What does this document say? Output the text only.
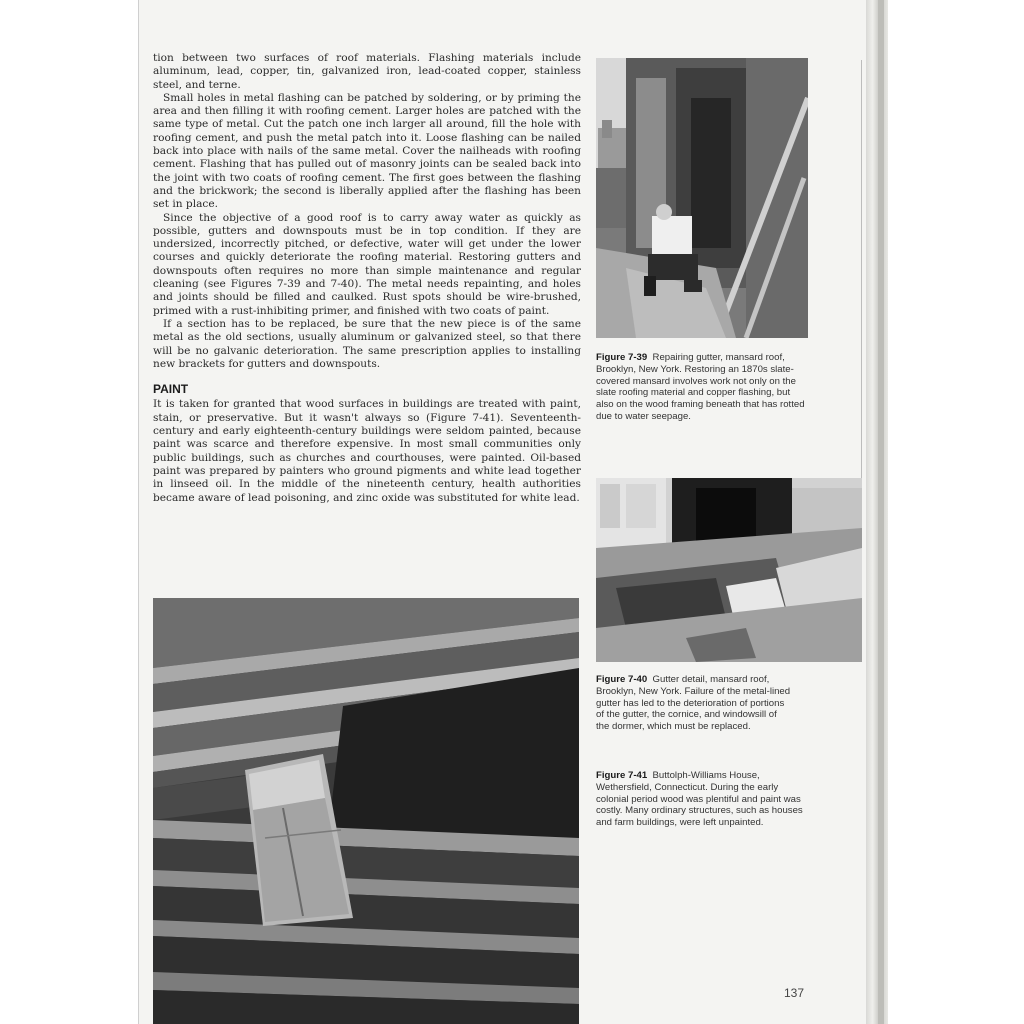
tion between two surfaces of roof materials. Flashing materials include aluminum, lead, copper, tin, galvanized iron, lead-coated copper, stainless steel, and terne.

Small holes in metal flashing can be patched by soldering, or by priming the area and then filling it with roofing cement. Larger holes are patched with the same type of metal. Cut the patch one inch larger all around, fill the hole with roofing cement, and push the metal patch into it. Loose flashing can be nailed back into place with nails of the same metal. Cover the nailheads with roofing cement. Flashing that has pulled out of masonry joints can be sealed back into the joint with two coats of roofing cement. The first goes between the flashing and the brickwork; the second is liberally applied after the flashing has been set in place.

Since the objective of a good roof is to carry away water as quickly as possible, gutters and downspouts must be in top condition. If they are undersized, incorrectly pitched, or defective, water will get under the lower courses and quickly deteriorate the roofing material. Restoring gutters and downspouts often requires no more than simple maintenance and regular cleaning (see Figures 7-39 and 7-40). The metal needs repainting, and holes and joints should be filled and caulked. Rust spots should be wire-brushed, primed with a rust-inhibiting primer, and finished with two coats of paint.

If a section has to be replaced, be sure that the new piece is of the same metal as the old sections, usually aluminum or galvanized steel, so that there will be no galvanic deterioration. The same prescription applies to installing new brackets for gutters and downspouts.

PAINT

It is taken for granted that wood surfaces in buildings are treated with paint, stain, or preservative. But it wasn't always so (Figure 7-41). Seventeenth-century and early eighteenth-century buildings were seldom painted, because paint was scarce and therefore expensive. In most small communities only public buildings, such as churches and courthouses, were painted. Oil-based paint was prepared by painters who ground pigments and white lead together in linseed oil. In the middle of the nineteenth century, health authorities became aware of lead poisoning, and zinc oxide was substituted for white lead.

Figure 7-39 Repairing gutter, mansard roof, Brooklyn, New York. Restoring an 1870s slate-covered mansard involves work not only on the slate roofing material and copper flashing, but also on the wood framing beneath that has rotted due to water seepage.
Figure 7-40 Gutter detail, mansard roof, Brooklyn, New York. Failure of the metal-lined gutter has led to the deterioration of portions of the gutter, the cornice, and windowsill of the dormer, which must be replaced.
Figure 7-41 Buttolph-Williams House, Wethersfield, Connecticut. During the early colonial period wood was plentiful and paint was costly. Many ordinary structures, such as houses and farm buildings, were left unpainted.
137
